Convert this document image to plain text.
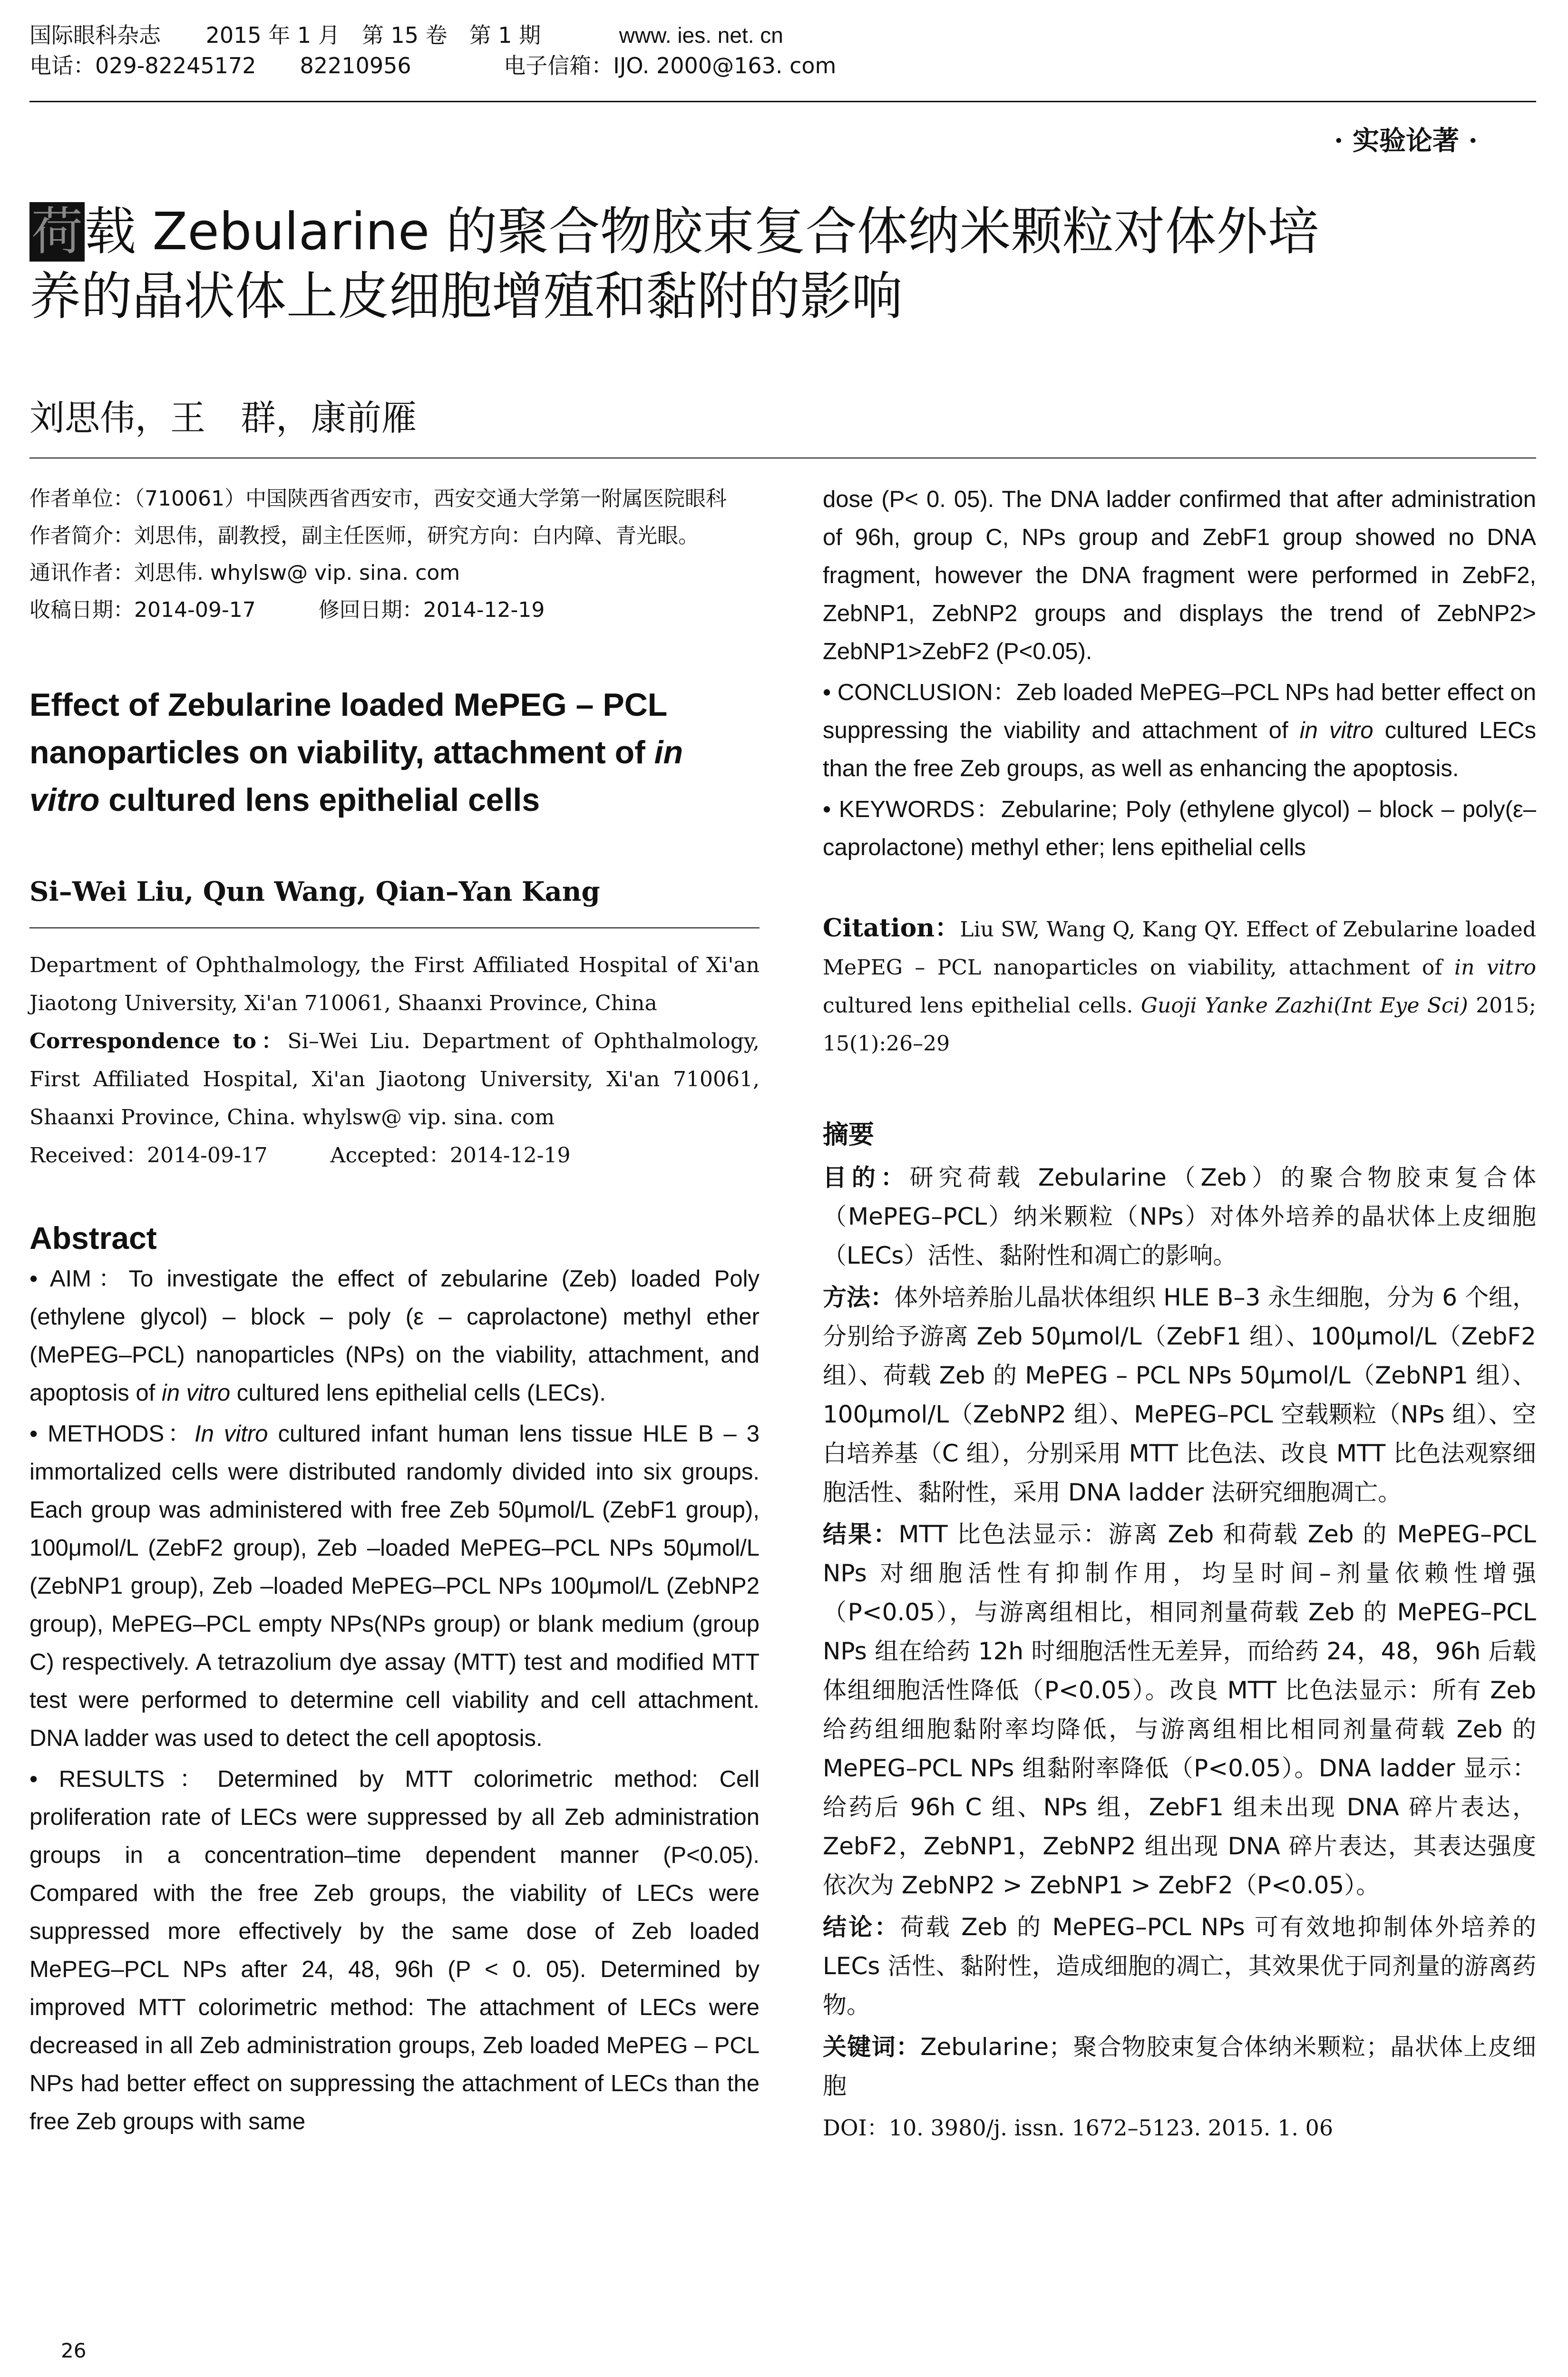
国际眼科杂志 2015 年 1 月　第 15 卷　第 1 期	www. ies. net. cn
电话：029-82245172　　82210956	电子信箱：IJO. 2000@163. com
· 实验论著 ·
荷载 Zebularine 的聚合物胶束复合体纳米颗粒对体外培
养的晶状体上皮细胞增殖和黏附的影响
刘思伟，王　群，康前雁

作者单位：（710061）中国陕西省西安市，西安交通大学第一附属医院眼科

作者简介：刘思伟，副教授，副主任医师，研究方向：白内障、青光眼。

通讯作者：刘思伟. whylsw@ vip. sina. com

收稿日期：2014-09-17　　　修回日期：2014-12-19

Effect of Zebularine loaded MePEG – PCL nanoparticles on viability, attachment of in vitro cultured lens epithelial cells
Si–Wei Liu, Qun Wang, Qian–Yan Kang
Department of Ophthalmology, the First Affiliated Hospital of Xi'an Jiaotong University, Xi'an 710061, Shaanxi Province, China
Correspondence to：Si–Wei Liu. Department of Ophthalmology, First Affiliated Hospital, Xi'an Jiaotong University, Xi'an 710061, Shaanxi Province, China. whylsw@ vip. sina. com
Received：2014-09-17　　　Accepted：2014-12-19
Abstract

• AIM：To investigate the effect of zebularine (Zeb) loaded Poly (ethylene glycol) – block – poly (ε – caprolactone) methyl ether (MePEG–PCL) nanoparticles (NPs) on the viability, attachment, and apoptosis of in vitro cultured lens epithelial cells (LECs).

• METHODS：In vitro cultured infant human lens tissue HLE B – 3 immortalized cells were distributed randomly divided into six groups. Each group was administered with free Zeb 50μmol/L (ZebF1 group), 100μmol/L (ZebF2 group), Zeb –loaded MePEG–PCL NPs 50μmol/L (ZebNP1 group), Zeb –loaded MePEG–PCL NPs 100μmol/L (ZebNP2 group), MePEG–PCL empty NPs(NPs group) or blank medium (group C) respectively. A tetrazolium dye assay (MTT) test and modified MTT test were performed to determine cell viability and cell attachment. DNA ladder was used to detect the cell apoptosis.

• RESULTS：Determined by MTT colorimetric method: Cell proliferation rate of LECs were suppressed by all Zeb administration groups in a concentration–time dependent manner (P<0.05). Compared with the free Zeb groups, the viability of LECs were suppressed more effectively by the same dose of Zeb loaded MePEG–PCL NPs after 24, 48, 96h (P < 0. 05). Determined by improved MTT colorimetric method: The attachment of LECs were decreased in all Zeb administration groups, Zeb loaded MePEG – PCL NPs had better effect on suppressing the attachment of LECs than the free Zeb groups with same

dose (P< 0. 05). The DNA ladder confirmed that after administration of 96h, group C, NPs group and ZebF1 group showed no DNA fragment, however the DNA fragment were performed in ZebF2, ZebNP1, ZebNP2 groups and displays the trend of ZebNP2> ZebNP1>ZebF2 (P<0.05).

• CONCLUSION：Zeb loaded MePEG–PCL NPs had better effect on suppressing the viability and attachment of in vitro cultured LECs than the free Zeb groups, as well as enhancing the apoptosis.

• KEYWORDS：Zebularine; Poly (ethylene glycol) – block – poly(ε–caprolactone) methyl ether; lens epithelial cells

Citation：Liu SW, Wang Q, Kang QY. Effect of Zebularine loaded MePEG – PCL nanoparticles on viability, attachment of in vitro cultured lens epithelial cells. Guoji Yanke Zazhi(Int Eye Sci) 2015; 15(1):26–29
摘要

目的：研究荷载 Zebularine（Zeb）的聚合物胶束复合体（MePEG–PCL）纳米颗粒（NPs）对体外培养的晶状体上皮细胞（LECs）活性、黏附性和凋亡的影响。

方法：体外培养胎儿晶状体组织 HLE B–3 永生细胞，分为 6 个组，分别给予游离 Zeb 50μmol/L（ZebF1 组）、100μmol/L（ZebF2 组）、荷载 Zeb 的 MePEG – PCL NPs 50μmol/L（ZebNP1 组）、100μmol/L（ZebNP2 组）、MePEG–PCL 空载颗粒（NPs 组）、空白培养基（C 组），分别采用 MTT 比色法、改良 MTT 比色法观察细胞活性、黏附性，采用 DNA ladder 法研究细胞凋亡。

结果：MTT 比色法显示：游离 Zeb 和荷载 Zeb 的 MePEG–PCL NPs 对细胞活性有抑制作用，均呈时间–剂量依赖性增强（P<0.05），与游离组相比，相同剂量荷载 Zeb 的 MePEG–PCL NPs 组在给药 12h 时细胞活性无差异，而给药 24，48，96h 后载体组细胞活性降低（P<0.05）。改良 MTT 比色法显示：所有 Zeb 给药组细胞黏附率均降低，与游离组相比相同剂量荷载 Zeb 的 MePEG–PCL NPs 组黏附率降低（P<0.05）。DNA ladder 显示：给药后 96h C 组、NPs 组，ZebF1 组未出现 DNA 碎片表达，ZebF2，ZebNP1，ZebNP2 组出现 DNA 碎片表达，其表达强度依次为 ZebNP2 > ZebNP1 > ZebF2（P<0.05）。

结论：荷载 Zeb 的 MePEG–PCL NPs 可有效地抑制体外培养的 LECs 活性、黏附性，造成细胞的凋亡，其效果优于同剂量的游离药物。

关键词：Zebularine；聚合物胶束复合体纳米颗粒；晶状体上皮细胞

DOI：10. 3980/j. issn. 1672–5123. 2015. 1. 06

26
